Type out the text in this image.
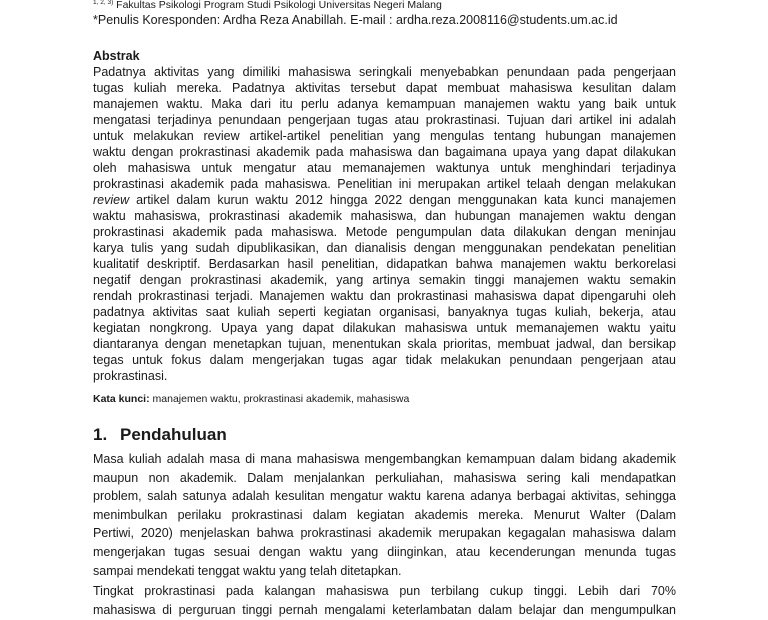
$^{1, 2, 3)}$ Fakultas Psikologi Program Studi Psikologi Universitas Negeri Malang
*Penulis Koresponden: Ardha Reza Anabillah. E-mail : ardha.reza.2008116@students.um.ac.id
Abstrak
Padatnya aktivitas yang dimiliki mahasiswa seringkali menyebabkan penundaan pada pengerjaan
tugas kuliah mereka. Padatnya aktivitas tersebut dapat membuat mahasiswa kesulitan dalam
manajemen waktu. Maka dari itu perlu adanya kemampuan manajemen waktu yang baik untuk
mengatasi terjadinya penundaan pengerjaan tugas atau prokrastinasi. Tujuan dari artikel ini adalah
untuk melakukan review artikel-artikel penelitian yang mengulas tentang hubungan manajemen
waktu dengan prokrastinasi akademik pada mahasiswa dan bagaimana upaya yang dapat dilakukan
oleh mahasiswa untuk mengatur atau memanajemen waktunya untuk menghindari terjadinya
prokrastinasi akademik pada mahasiswa. Penelitian ini merupakan artikel telaah dengan melakukan
review artikel dalam kurun waktu 2012 hingga 2022 dengan menggunakan kata kunci manajemen
waktu mahasiswa, prokrastinasi akademik mahasiswa, dan hubungan manajemen waktu dengan
prokrastinasi akademik pada mahasiswa. Metode pengumpulan data dilakukan dengan meninjau
karya tulis yang sudah dipublikasikan, dan dianalisis dengan menggunakan pendekatan penelitian
kualitatif deskriptif. Berdasarkan hasil penelitian, didapatkan bahwa manajemen waktu berkorelasi
negatif dengan prokrastinasi akademik, yang artinya semakin tinggi manajemen waktu semakin
rendah prokrastinasi terjadi. Manajemen waktu dan prokrastinasi mahasiswa dapat dipengaruhi oleh
padatnya aktivitas saat kuliah seperti kegiatan organisasi, banyaknya tugas kuliah, bekerja, atau
kegiatan nongkrong. Upaya yang dapat dilakukan mahasiswa untuk memanajemen waktu yaitu
diantaranya dengan menetapkan tujuan, menentukan skala prioritas, membuat jadwal, dan bersikap
tegas untuk fokus dalam mengerjakan tugas agar tidak melakukan penundaan pengerjaan atau
prokrastinasi.
Kata kunci: manajemen waktu, prokrastinasi akademik, mahasiswa
1. Pendahuluan
Masa kuliah adalah masa di mana mahasiswa mengembangkan kemampuan dalam bidang akademik
maupun non akademik. Dalam menjalankan perkuliahan, mahasiswa sering kali mendapatkan
problem, salah satunya adalah kesulitan mengatur waktu karena adanya berbagai aktivitas, sehingga
menimbulkan perilaku prokrastinasi dalam kegiatan akademis mereka. Menurut Walter (Dalam
Pertiwi, 2020) menjelaskan bahwa prokrastinasi akademik merupakan kegagalan mahasiswa dalam
mengerjakan tugas sesuai dengan waktu yang diinginkan, atau kecenderungan menunda tugas
sampai mendekati tenggat waktu yang telah ditetapkan.
Tingkat prokrastinasi pada kalangan mahasiswa pun terbilang cukup tinggi. Lebih dari 70%
mahasiswa di perguruan tinggi pernah mengalami keterlambatan dalam belajar dan mengumpulkan
